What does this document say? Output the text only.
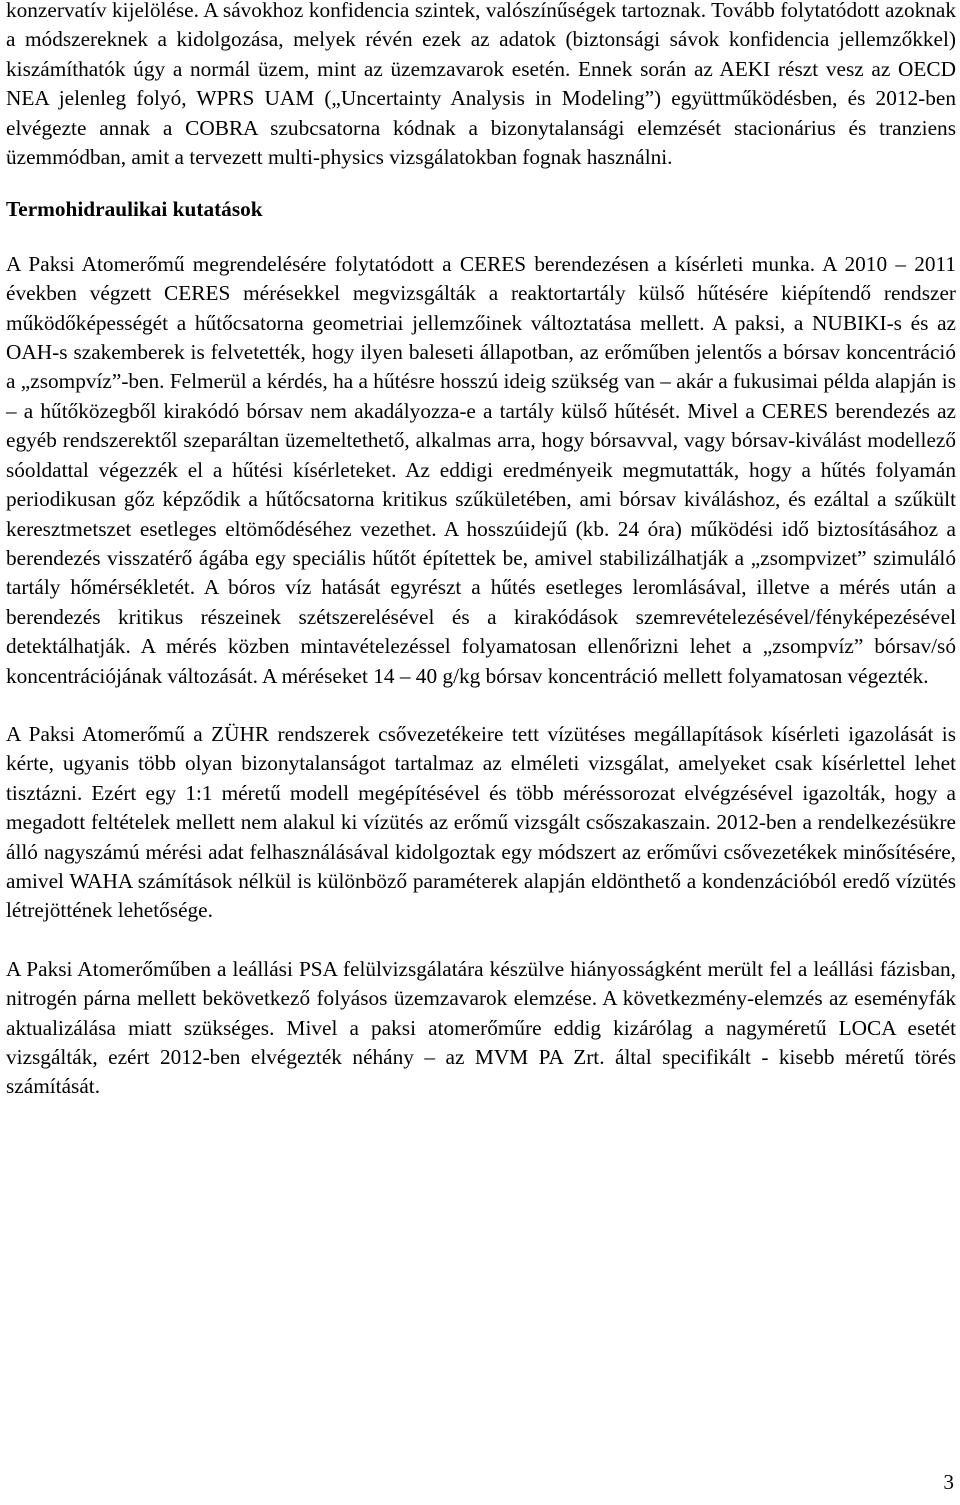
konzervatív kijelölése. A sávokhoz konfidencia szintek, valószínűségek tartoznak. Tovább folytatódott azoknak a módszereknek a kidolgozása, melyek révén ezek az adatok (biztonsági sávok konfidencia jellemzőkkel) kiszámíthatók úgy a normál üzem, mint az üzemzavarok esetén. Ennek során az AEKI részt vesz az OECD NEA jelenleg folyó, WPRS UAM („Uncertainty Analysis in Modeling”) együttműködésben, és 2012-ben elvégezte annak a COBRA szubcsatorna kódnak a bizonytalansági elemzését stacionárius és tranziens üzemmódban, amit a tervezett multi-physics vizsgálatokban fognak használni.

Termohidraulikai kutatások

A Paksi Atomerőmű megrendelésére folytatódott a CERES berendezésen a kísérleti munka. A 2010 – 2011 években végzett CERES mérésekkel megvizsgálták a reaktortartály külső hűtésére kiépítendő rendszer működőképességét a hűtőcsatorna geometriai jellemzőinek változtatása mellett. A paksi, a NUBIKI-s és az OAH-s szakemberek is felvetették, hogy ilyen baleseti állapotban, az erőműben jelentős a bórsav koncentráció a „zsompvíz”-ben. Felmerül a kérdés, ha a hűtésre hosszú ideig szükség van – akár a fukusimai példa alapján is – a hűtőközegből kirakódó bórsav nem akadályozza-e a tartály külső hűtését. Mivel a CERES berendezés az egyéb rendszerektől szeparáltan üzemeltethető, alkalmas arra, hogy bórsavval, vagy bórsav-kiválást modellező sóoldattal végezzék el a hűtési kísérleteket. Az eddigi eredményeik megmutatták, hogy a hűtés folyamán periodikusan gőz képződik a hűtőcsatorna kritikus szűkületében, ami bórsav kiváláshoz, és ezáltal a szűkült keresztmetszet esetleges eltömődéséhez vezethet. A hosszúidejű (kb. 24 óra) működési idő biztosításához a berendezés visszatérő ágába egy speciális hűtőt építettek be, amivel stabilizálhatják a „zsompvizet” szimuláló tartály hőmérsékletét. A bóros víz hatását egyrészt a hűtés esetleges leromlásával, illetve a mérés után a berendezés kritikus részeinek szétszerelésével és a kirakódások szemrevételezésével/fényképezésével detektálhatják. A mérés közben mintavételezéssel folyamatosan ellenőrizni lehet a „zsompvíz” bórsav/só koncentrációjának változását. A méréseket 14 – 40 g/kg bórsav koncentráció mellett folyamatosan végezték.

A Paksi Atomerőmű a ZÜHR rendszerek csővezetékeire tett vízütéses megállapítások kísérleti igazolását is kérte, ugyanis több olyan bizonytalanságot tartalmaz az elméleti vizsgálat, amelyeket csak kísérlettel lehet tisztázni. Ezért egy 1:1 méretű modell megépítésével és több méréssorozat elvégzésével igazolták, hogy a megadott feltételek mellett nem alakul ki vízütés az erőmű vizsgált csőszakaszain. 2012-ben a rendelkezésükre álló nagyszámú mérési adat felhasználásával kidolgoztak egy módszert az erőművi csővezetékek minősítésére, amivel WAHA számítások nélkül is különböző paraméterek alapján eldönthető a kondenzációból eredő vízütés létrejöttének lehetősége.

A Paksi Atomerőműben a leállási PSA felülvizsgálatára készülve hiányosságként merült fel a leállási fázisban, nitrogén párna mellett bekövetkező folyásos üzemzavarok elemzése. A következmény-elemzés az eseményfák aktualizálása miatt szükséges. Mivel a paksi atomerőműre eddig kizárólag a nagyméretű LOCA esetét vizsgálták, ezért 2012-ben elvégezték néhány – az MVM PA Zrt. által specifikált - kisebb méretű törés számítását.

3
